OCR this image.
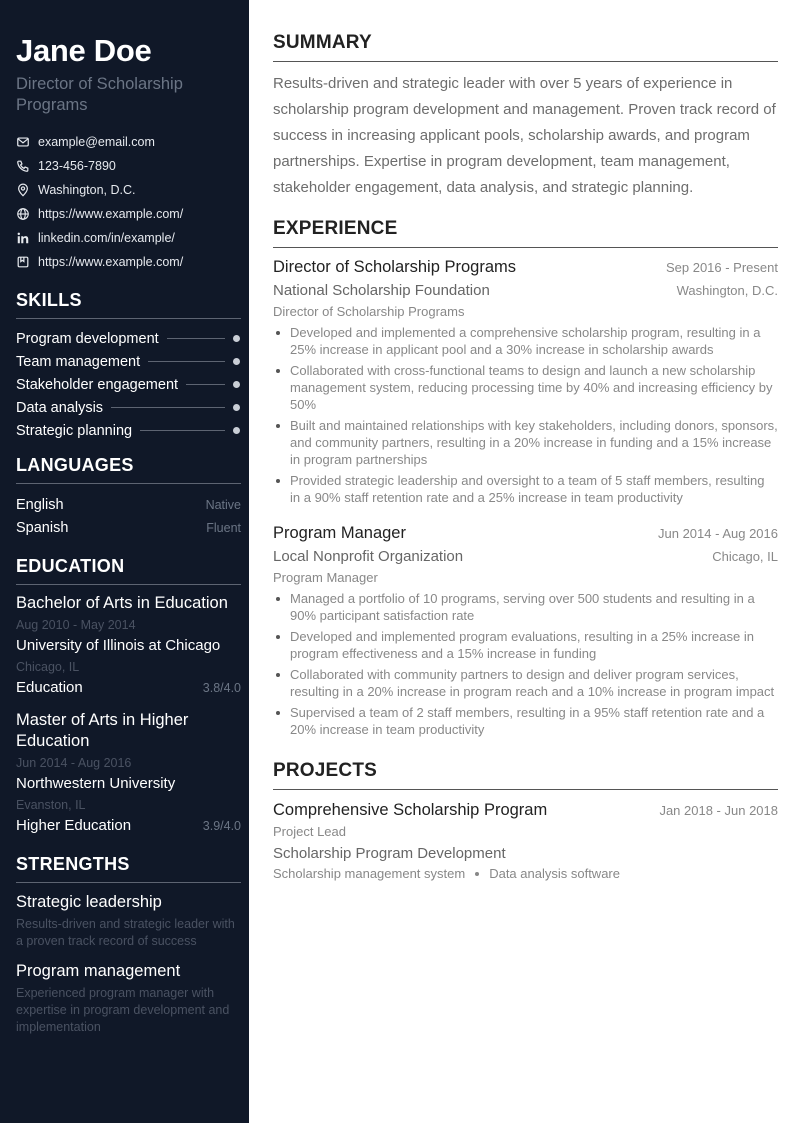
Jane Doe
Director of Scholarship Programs
example@email.com
123-456-7890
Washington, D.C.
https://www.example.com/
linkedin.com/in/example/
https://www.example.com/
SKILLS
Program development
Team management
Stakeholder engagement
Data analysis
Strategic planning
LANGUAGES
English	Native
Spanish	Fluent
EDUCATION
Bachelor of Arts in Education
Aug 2010 - May 2014
University of Illinois at Chicago
Chicago, IL
Education	3.8/4.0
Master of Arts in Higher Education
Jun 2014 - Aug 2016
Northwestern University
Evanston, IL
Higher Education	3.9/4.0
STRENGTHS
Strategic leadership
Results-driven and strategic leader with a proven track record of success
Program management
Experienced program manager with expertise in program development and implementation
SUMMARY

Results-driven and strategic leader with over 5 years of experience in scholarship program development and management. Proven track record of success in increasing applicant pools, scholarship awards, and program partnerships. Expertise in program development, team management, stakeholder engagement, data analysis, and strategic planning.

EXPERIENCE
Director of Scholarship Programs	Sep 2016 - Present
National Scholarship Foundation	Washington, D.C.
Director of Scholarship Programs
Developed and implemented a comprehensive scholarship program, resulting in a 25% increase in applicant pool and a 30% increase in scholarship awards
Collaborated with cross-functional teams to design and launch a new scholarship management system, reducing processing time by 40% and increasing efficiency by 50%
Built and maintained relationships with key stakeholders, including donors, sponsors, and community partners, resulting in a 20% increase in funding and a 15% increase in program partnerships
Provided strategic leadership and oversight to a team of 5 staff members, resulting in a 90% staff retention rate and a 25% increase in team productivity
Program Manager	Jun 2014 - Aug 2016
Local Nonprofit Organization	Chicago, IL
Program Manager
Managed a portfolio of 10 programs, serving over 500 students and resulting in a 90% participant satisfaction rate
Developed and implemented program evaluations, resulting in a 25% increase in program effectiveness and a 15% increase in funding
Collaborated with community partners to design and deliver program services, resulting in a 20% increase in program reach and a 10% increase in program impact
Supervised a team of 2 staff members, resulting in a 95% staff retention rate and a 20% increase in team productivity
PROJECTS
Comprehensive Scholarship Program	Jan 2018 - Jun 2018
Project Lead
Scholarship Program Development
Scholarship management system Data analysis software
